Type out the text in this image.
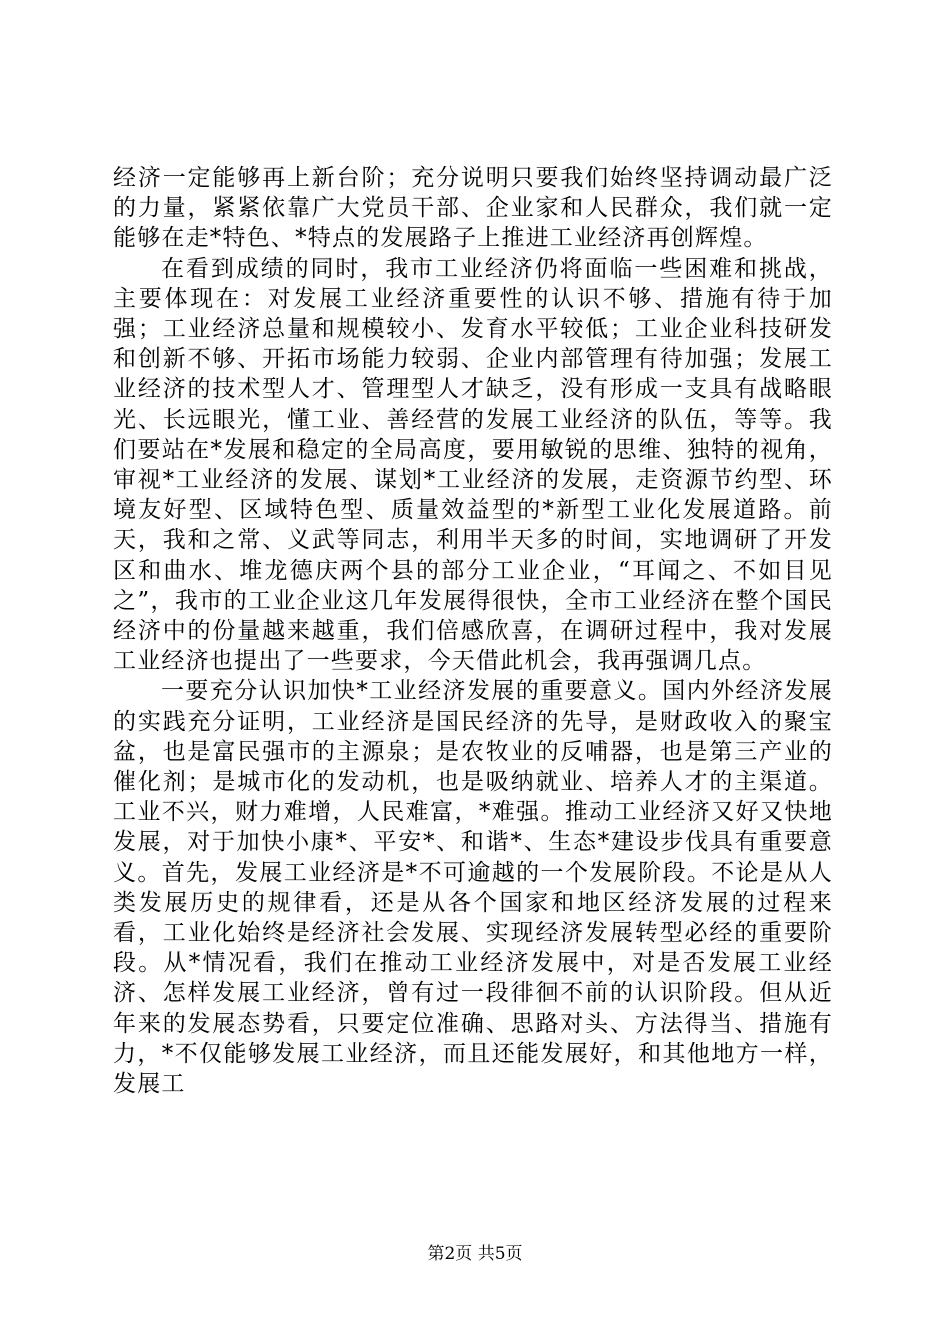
经济一定能够再上新台阶；充分说明只要我们始终坚持调动最广泛的力量，紧紧依靠广大党员干部、企业家和人民群众，我们就一定能够在走*特色、*特点的发展路子上推进工业经济再创辉煌。

在看到成绩的同时，我市工业经济仍将面临一些困难和挑战，主要体现在：对发展工业经济重要性的认识不够、措施有待于加强；工业经济总量和规模较小、发育水平较低；工业企业科技研发和创新不够、开拓市场能力较弱、企业内部管理有待加强；发展工业经济的技术型人才、管理型人才缺乏，没有形成一支具有战略眼光、长远眼光，懂工业、善经营的发展工业经济的队伍，等等。我们要站在*发展和稳定的全局高度，要用敏锐的思维、独特的视角，审视*工业经济的发展、谋划*工业经济的发展，走资源节约型、环境友好型、区域特色型、质量效益型的*新型工业化发展道路。前天，我和之常、义武等同志，利用半天多的时间，实地调研了开发区和曲水、堆龙德庆两个县的部分工业企业，“耳闻之、不如目见之”，我市的工业企业这几年发展得很快，全市工业经济在整个国民经济中的份量越来越重，我们倍感欣喜，在调研过程中，我对发展工业经济也提出了一些要求，今天借此机会，我再强调几点。

一要充分认识加快*工业经济发展的重要意义。国内外经济发展的实践充分证明，工业经济是国民经济的先导，是财政收入的聚宝盆，也是富民强市的主源泉；是农牧业的反哺器，也是第三产业的催化剂；是城市化的发动机，也是吸纳就业、培养人才的主渠道。工业不兴，财力难增，人民难富，*难强。推动工业经济又好又快地发展，对于加快小康*、平安*、和谐*、生态*建设步伐具有重要意义。首先，发展工业经济是*不可逾越的一个发展阶段。不论是从人类发展历史的规律看，还是从各个国家和地区经济发展的过程来看，工业化始终是经济社会发展、实现经济发展转型必经的重要阶段。从*情况看，我们在推动工业经济发展中，对是否发展工业经济、怎样发展工业经济，曾有过一段徘徊不前的认识阶段。但从近年来的发展态势看，只要定位准确、思路对头、方法得当、措施有力，*不仅能够发展工业经济，而且还能发展好，和其他地方一样，发展工

第2页 共5页
